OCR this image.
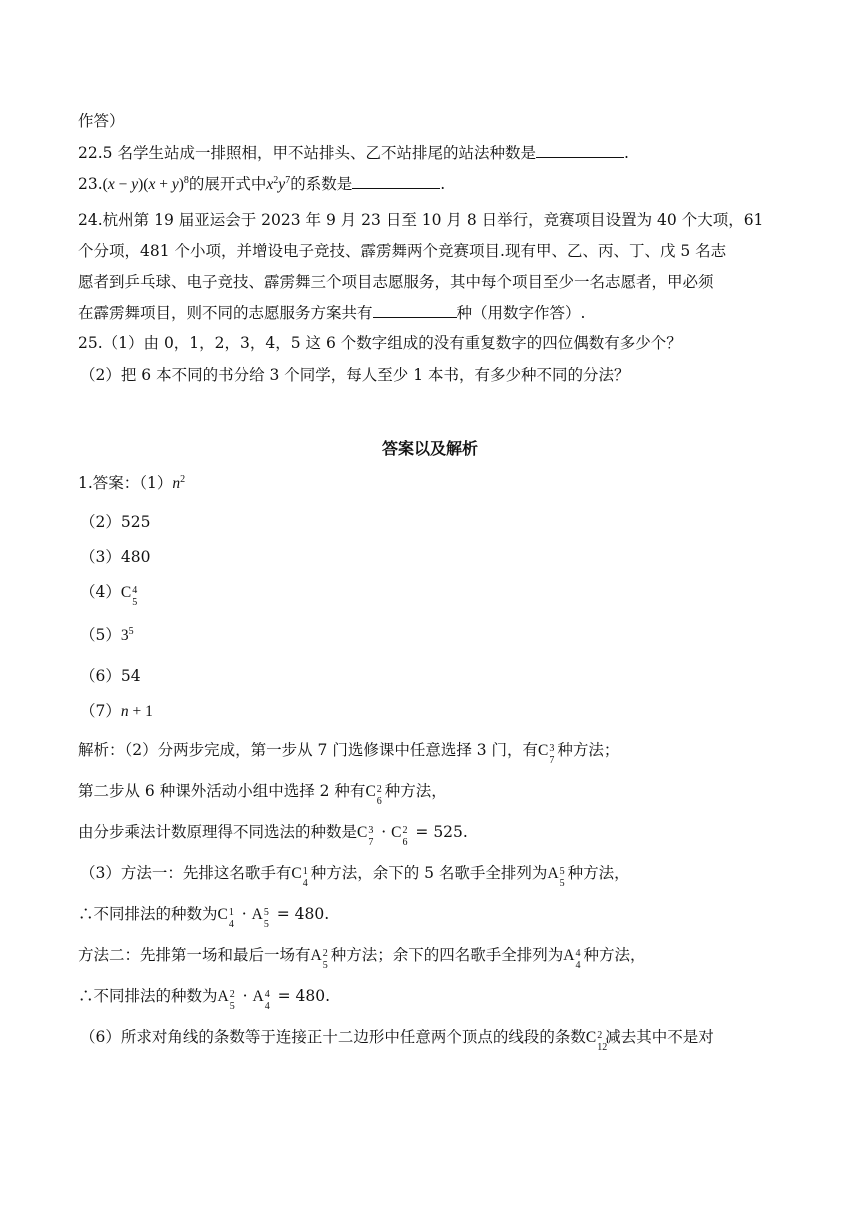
作答）
22.5 名学生站成一排照相，甲不站排头、乙不站排尾的站法种数是	.
$23.(x - y)(x + y)^8$的展开式中$x^2y^7$的系数是	.
24.杭州第 19 届亚运会于 2023 年 9 月 23 日至 10 月 8 日举行，竞赛项目设置为 40 个大项，61
个分项，481 个小项，并增设电子竞技、霹雳舞两个竞赛项目.现有甲、乙、丙、丁、戊 5 名志
愿者到乒乓球、电子竞技、霹雳舞三个项目志愿服务，其中每个项目至少一名志愿者，甲必须
在霹雳舞项目，则不同的志愿服务方案共有	种（用数字作答）.
25.（1）由 0，1，2，3，4，5 这 6 个数字组成的没有重复数字的四位偶数有多少个？
（2）把 6 本不同的书分给 3 个同学，每人至少 1 本书，有多少种不同的分法？
答案以及解析
1.答案：$(1)n^2$
（2）525
（3）480
（4）C 4
5
$(5)3^5$
（6）54
（7）n + 1
解析：（2）分两步完成，第一步从 7 门选修课中任意选择 3 门，有C 3
7
种方法；
第二步从 6 种课外活动小组中选择 2 种有C 2
6
种方法，
由分步乘法计数原理得不同选法的种数是C 3
7
· C 2
6
= 525.
（3）方法一：先排这名歌手有C 1
4
种方法，余下的 5 名歌手全排列为A 5
5
种方法，
∴不同排法的种数为C 1
4
· A 5
5
= 480.
方法二：先排第一场和最后一场有A 2
5
种方法；余下的四名歌手全排列为A 4
4
种方法，
∴不同排法的种数为A 2
5
· A 4
4
= 480.
（6）所求对角线的条数等于连接正十二边形中任意两个顶点的线段的条数C 2
12
减去其中不是对
